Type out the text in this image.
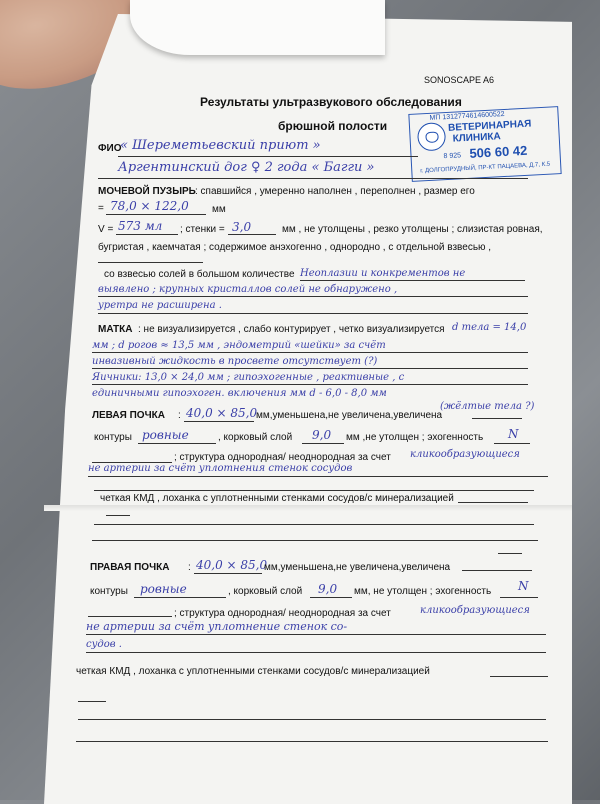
SONOSCAPE A6
Результаты ультразвукового обследования
брюшной полости
МП 1312774614600522
ВЕТЕРИНАРНАЯ
КЛИНИКА
8 925 506 60 42
г. ДОЛГОПРУДНЫЙ, ПР-КТ ПАЦАЕВА, Д.7, К.5
ФИО
« Шереметьевский приют »
Аргентинский дог ♀ 2 года « Багги »
МОЧЕВОЙ ПУЗЫРЬ : спавшийся , умеренно наполнен , переполнен , размер его
= 78,0 × 122,0 мм
V = 573 мл ; стенки = 3,0	мм , не утолщены , резко утолщены ; слизистая ровная,
бугристая , каемчатая ; содержимое анэхогенно , однородно , с отдельной взвесью ,
со взвесью солей в большом количестве Неоплазии и конкрементов не
выявлено ; крупных кристаллов солей не обнаружено ,
уретра не расширена .
МАТКА : не визуализируется , слабо контурирует , четко визуализируется d тела = 14,0
мм ; d рогов ≈ 13,5 мм , эндометрий «шейки» за счёт
инвазивный жидкость в просвете отсутствует (?)
Яичники: 13,0 × 24,0 мм ; гипоэхогенные , реактивные , с
единичными гипоэхоген. включения мм d - 6,0 - 8,0 мм
(жёлтые тела ?)
ЛЕВАЯ ПОЧКА : 40,0 × 85,0
мм,уменьшена,не увеличена,увеличена
контуры ровные	, корковый слой 9,0 мм ,не утолщен ; эхогенность N
; структура однородная/ неоднородная за счет кликообразующиеся
не артерии за счёт уплотнения стенок сосудов
четкая КМД , лоханка с уплотненными стенками сосудов/с минерализацией
ПРАВАЯ ПОЧКА : 40,0 × 85,0
мм,уменьшена,не увеличена,увеличена
контуры ровные	, корковый слой 9,0 мм, не утолщен ; эхогенность N
; структура однородная/ неоднородная за счет	кликообразующиеся
не артерии за счёт уплотнение стенок со-
судов .
четкая КМД , лоханка с уплотненными стенками сосудов/с минерализацией
